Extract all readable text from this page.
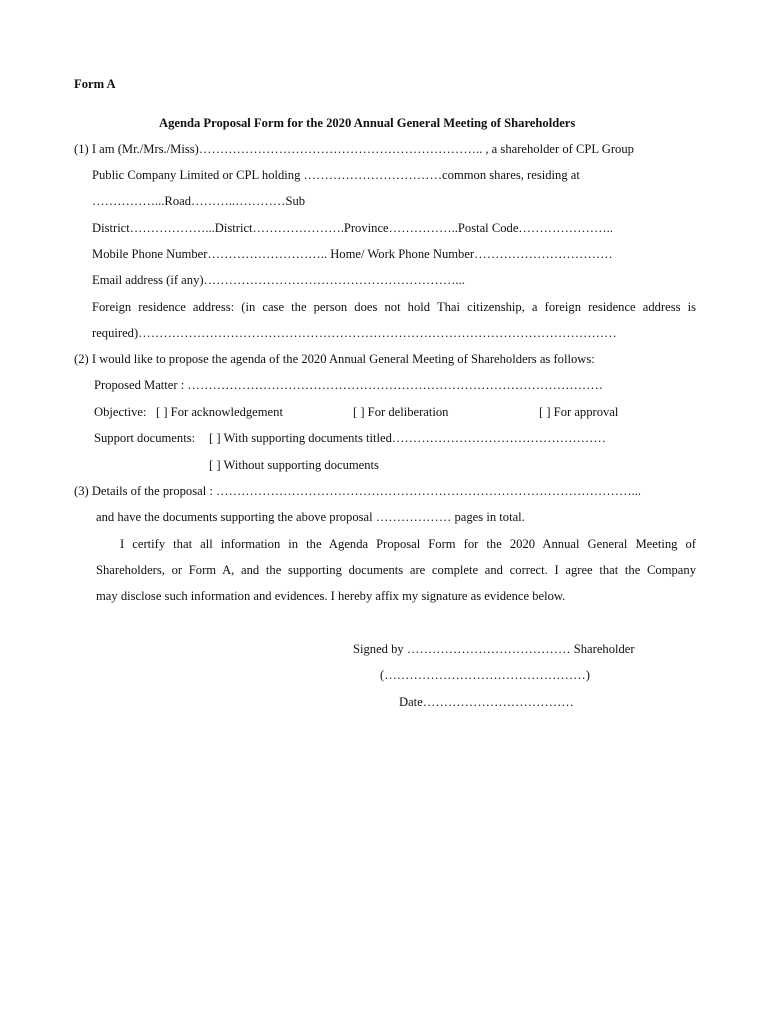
Form A
Agenda Proposal Form for the 2020 Annual General Meeting of Shareholders
(1) I am (Mr./Mrs./Miss)………………………………………………………….. , a shareholder of CPL Group
Public Company Limited or CPL holding ……………………………common shares, residing at
……………...Road………..…………Sub
District………………...District………………….Province……………..Postal Code…………………..
Mobile Phone Number……………………….. Home/ Work Phone Number……………………………
Email address (if any)……………………………………………………...
Foreign residence address: (in case the person does not hold Thai citizenship, a foreign residence address is
required)……………………………………………………………………………………………………
(2) I would like to propose the agenda of the 2020 Annual General Meeting of Shareholders as follows:
Proposed Matter : ………………………………………………………………………………………
Objective: [ ] For acknowledgement	[ ] For deliberation	[ ] For approval
Support documents: [ ] With supporting documents titled……………………………………………
[ ] Without supporting documents
(3) Details of the proposal : ………………………………………………………………………………………...
and have the documents supporting the above proposal ……………… pages in total.
I certify that all information in the Agenda Proposal Form for the 2020 Annual General Meeting of
Shareholders, or Form A, and the supporting documents are complete and correct. I agree that the Company
may disclose such information and evidences. I hereby affix my signature as evidence below.
Signed by ………………………………… Shareholder
(…………………………………………)
Date………………………………
